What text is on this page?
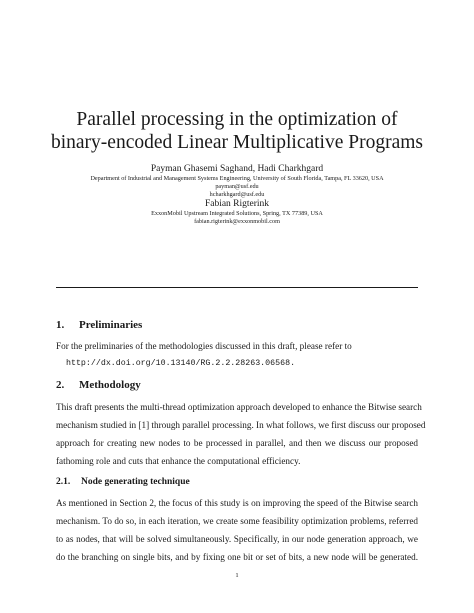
Parallel processing in the optimization of
binary-encoded Linear Multiplicative Programs
Payman Ghasemi Saghand, Hadi Charkhgard
Department of Industrial and Management Systems Engineering, University of South Florida, Tampa, FL 33620, USA
payman@usf.edu
hcharkhgard@usf.edu
Fabian Rigterink
ExxonMobil Upstream Integrated Solutions, Spring, TX 77389, USA
fabian.rigterink@exxonmobil.com
1. Preliminaries

For the preliminaries of the methodologies discussed in this draft, please refer to

http://dx.doi.org/10.13140/RG.2.2.28263.06568.
2. Methodology

This draft presents the multi-thread optimization approach developed to enhance the Bitwise search

mechanism studied in [1] through parallel processing. In what follows, we first discuss our proposed

approach for creating new nodes to be processed in parallel, and then we discuss our proposed

fathoming role and cuts that enhance the computational efficiency.

2.1. Node generating technique

As mentioned in Section 2, the focus of this study is on improving the speed of the Bitwise search

mechanism. To do so, in each iteration, we create some feasibility optimization problems, referred

to as nodes, that will be solved simultaneously. Specifically, in our node generation approach, we

do the branching on single bits, and by fixing one bit or set of bits, a new node will be generated.

1
